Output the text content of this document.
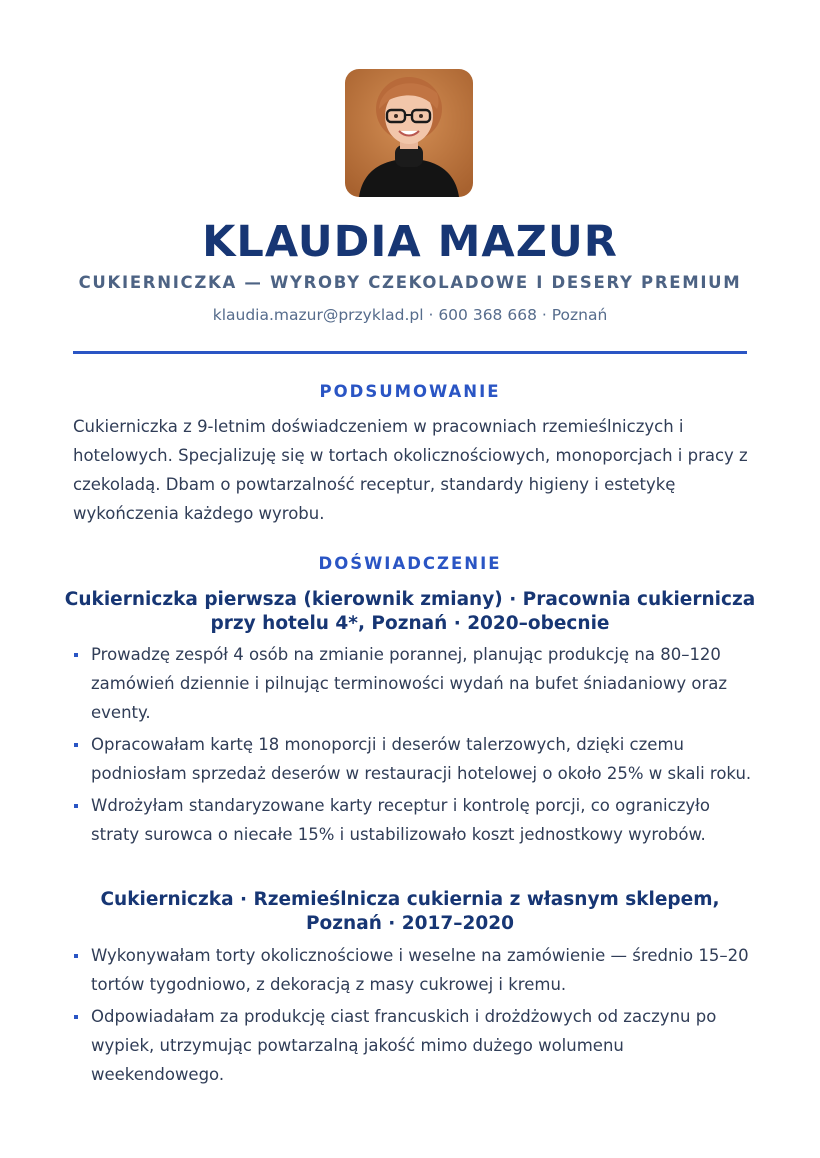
KLAUDIA MAZUR
CUKIERNICZKA — WYROBY CZEKOLADOWE I DESERY PREMIUM
klaudia.mazur@przyklad.pl · 600 368 668 · Poznań
PODSUMOWANIE
Cukierniczka z 9-letnim doświadczeniem w pracowniach rzemieślniczych i hotelowych. Specjalizuję się w tortach okolicznościowych, monoporcjach i pracy z czekoladą. Dbam o powtarzalność receptur, standardy higieny i estetykę wykończenia każdego wyrobu.
DOŚWIADCZENIE
Cukierniczka pierwsza (kierownik zmiany) · Pracownia cukiernicza przy hotelu 4*, Poznań · 2020–obecnie
Prowadzę zespół 4 osób na zmianie porannej, planując produkcję na 80–120 zamówień dziennie i pilnując terminowości wydań na bufet śniadaniowy oraz eventy.
Opracowałam kartę 18 monoporcji i deserów talerzowych, dzięki czemu podniosłam sprzedaż deserów w restauracji hotelowej o około 25% w skali roku.
Wdrożyłam standaryzowane karty receptur i kontrolę porcji, co ograniczyło straty surowca o niecałe 15% i ustabilizowało koszt jednostkowy wyrobów.
Cukierniczka · Rzemieślnicza cukiernia z własnym sklepem, Poznań · 2017–2020
Wykonywałam torty okolicznościowe i weselne na zamówienie — średnio 15–20 tortów tygodniowo, z dekoracją z masy cukrowej i kremu.
Odpowiadałam za produkcję ciast francuskich i drożdżowych od zaczynu po wypiek, utrzymując powtarzalną jakość mimo dużego wolumenu weekendowego.
